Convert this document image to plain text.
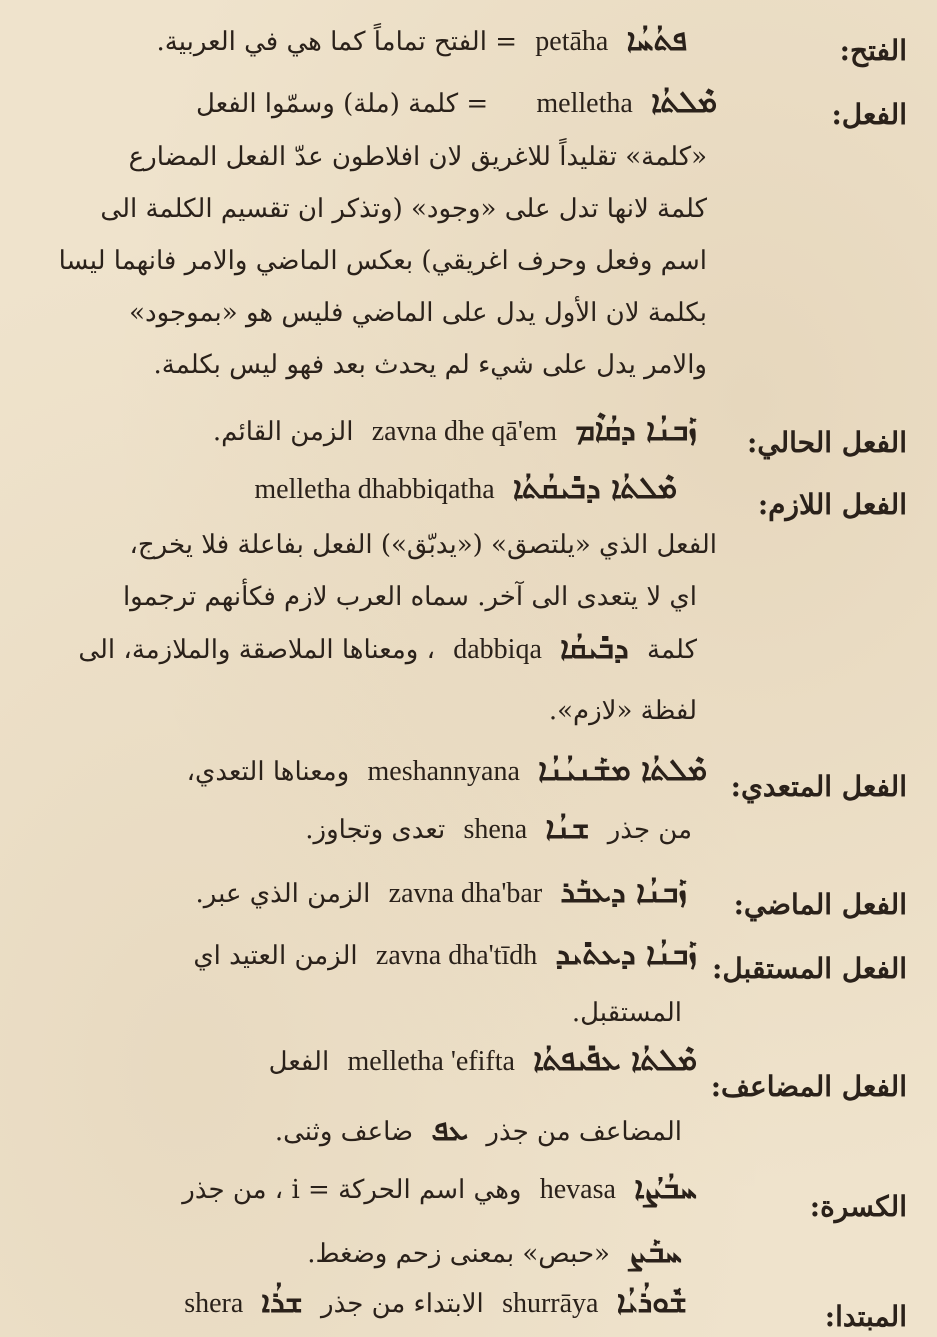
الفتح:
ܦܬܳܚܳܐ petāha = الفتح تماماً كما هي في العربية.
الفعل:
ܡܶܠܬܳܐ melletha = كلمة (ملة) وسمّوا الفعل
«كلمة» تقليداً للاغريق لان افلاطون عدّ الفعل المضارع
كلمة لانها تدل على «وجود» (وتذكر ان تقسيم الكلمة الى
اسم وفعل وحرف اغريقي) بعكس الماضي والامر فانهما ليسا
بكلمة لان الأول يدل على الماضي فليس هو «بموجود»
والامر يدل على شيء لم يحدث بعد فهو ليس بكلمة.
الفعل الحالي:
ܙܰܒܢܳܐ ܕܩܳܐܶܡ zavna dhe qā'em الزمن القائم.
الفعل اللازم:
ܡܶܠܬܳܐ ܕܒܺܝܩܳܬܳܐ melletha dhabbiqatha
الفعل الذي «يلتصق» («يدبّق») الفعل بفاعلة فلا يخرج،
اي لا يتعدى الى آخر. سماه العرب لازم فكأنهم ترجموا
كلمة ܕܒܺܝܩܳܐ dabbiqa ، ومعناها الملاصقة والملازمة، الى
لفظة «لازم».
الفعل المتعدي:
ܡܶܠܬܳܐ ܡܫܰܢܝܳܢܳܐ meshannyana ومعناها التعدي،
من جذر ܫܢܳܐ shena تعدى وتجاوز.
الفعل الماضي:
ܙܰܒܢܳܐ ܕܥܒܰܪ zavna dha'bar الزمن الذي عبر.
الفعل المستقبل:
ܙܰܒܢܳܐ ܕܥܬܺܝܕ zavna dha'tīdh الزمن العتيد اي
المستقبل.
الفعل المضاعف:
ܡܶܠܬܳܐ ܥܦܺܝܦܬܳܐ melletha 'efifta الفعل
المضاعف من جذر ܥܦ ضاعف وثنى.
الكسرة:
ܚܒܳܨܳܐ hevasa وهي اسم الحركة = i ، من جذر
ܚܒܰܨ «حبص» بمعنى زحم وضغط.
المبتدا:
ܫܽܘܪܳܝܳܐ shurrāya الابتداء من جذر ܫܪܳܐ shera
